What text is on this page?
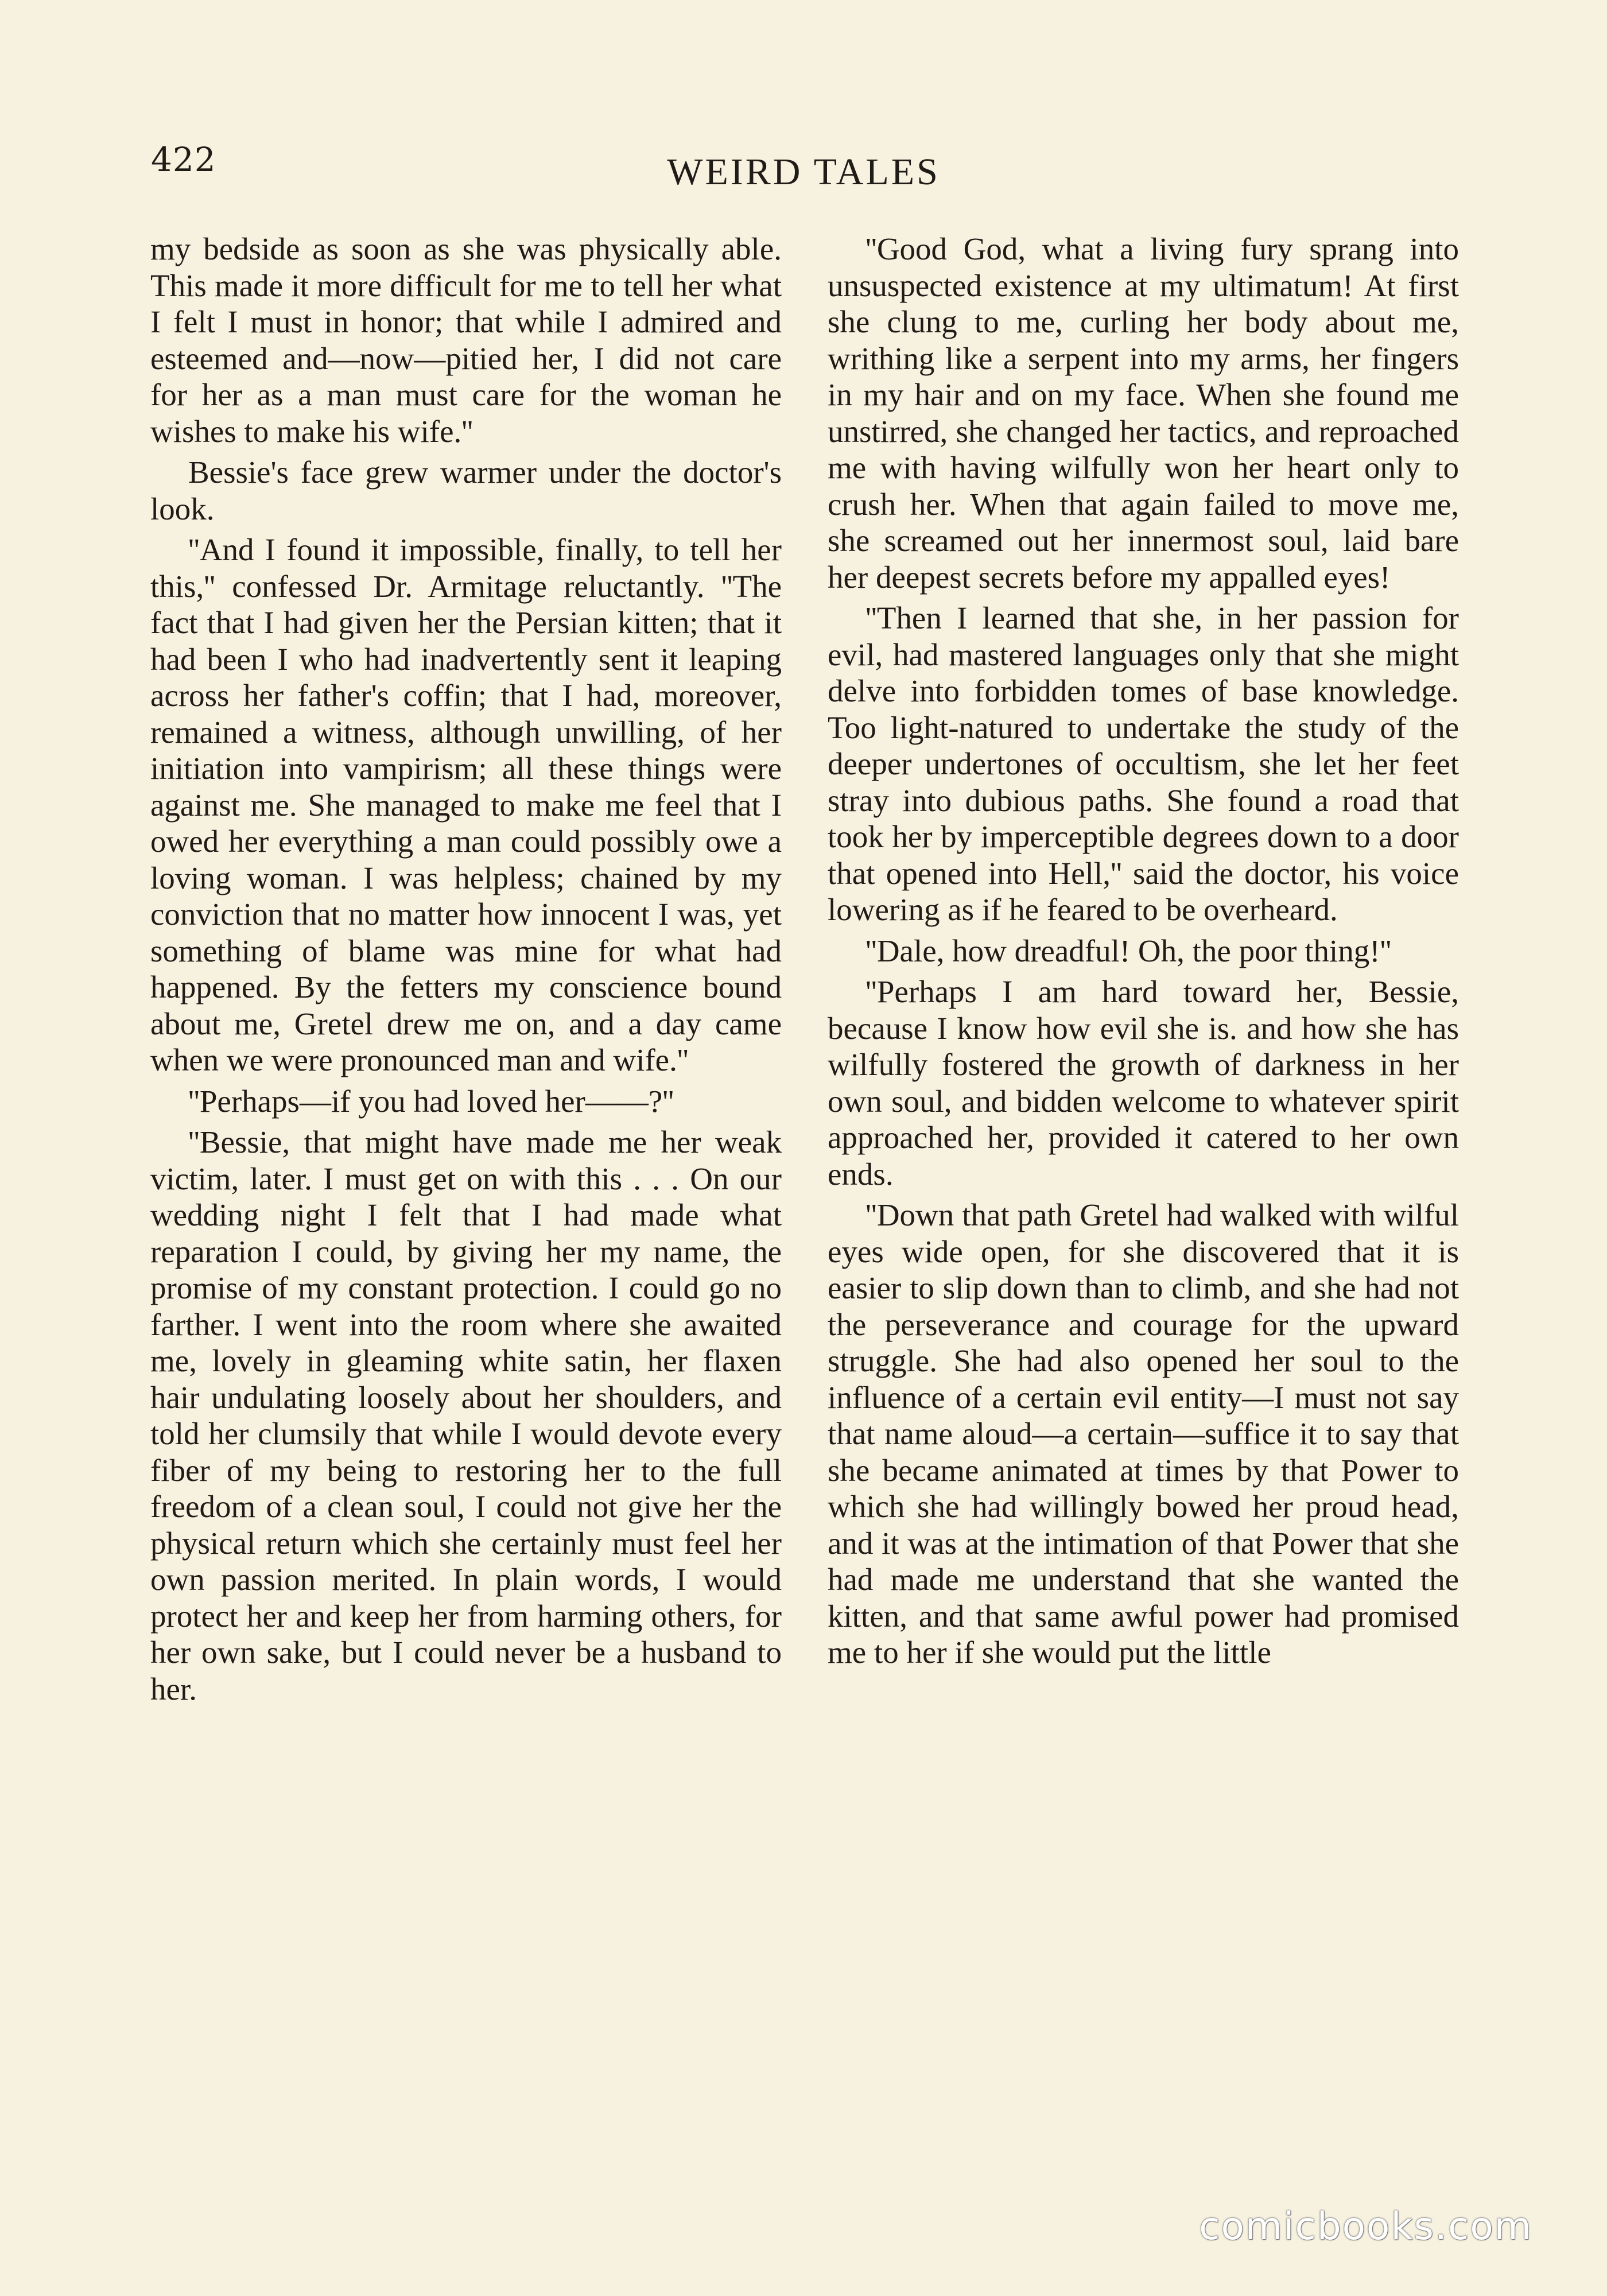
422	WEIRD TALES

my bedside as soon as she was physically able. This made it more difficult for me to tell her what I felt I must in honor; that while I admired and esteemed and—now—pitied her, I did not care for her as a man must care for the woman he wishes to make his wife.''

Bessie's face grew warmer under the doctor's look.

''And I found it impossible, finally, to tell her this,'' confessed Dr. Armitage reluctantly. ''The fact that I had given her the Persian kitten; that it had been I who had inadvertently sent it leaping across her father's coffin; that I had, moreover, remained a witness, although unwilling, of her initiation into vampirism; all these things were against me. She managed to make me feel that I owed her everything a man could possibly owe a loving woman. I was helpless; chained by my conviction that no matter how innocent I was, yet something of blame was mine for what had happened. By the fetters my conscience bound about me, Gretel drew me on, and a day came when we were pronounced man and wife.''

''Perhaps—if you had loved her——?''

''Bessie, that might have made me her weak victim, later. I must get on with this . . . On our wedding night I felt that I had made what reparation I could, by giving her my name, the promise of my constant protection. I could go no farther. I went into the room where she awaited me, lovely in gleaming white satin, her flaxen hair undulating loosely about her shoulders, and told her clumsily that while I would devote every fiber of my being to restoring her to the full freedom of a clean soul, I could not give her the physical return which she certainly must feel her own passion merited. In plain words, I would protect her and keep her from harming others, for her own sake, but I could never be a husband to her.

''Good God, what a living fury sprang into unsuspected existence at my ultimatum! At first she clung to me, curling her body about me, writhing like a serpent into my arms, her fingers in my hair and on my face. When she found me unstirred, she changed her tactics, and reproached me with having wilfully won her heart only to crush her. When that again failed to move me, she screamed out her innermost soul, laid bare her deepest secrets before my appalled eyes!

''Then I learned that she, in her passion for evil, had mastered languages only that she might delve into forbidden tomes of base knowledge. Too light-natured to undertake the study of the deeper undertones of occultism, she let her feet stray into dubious paths. She found a road that took her by imperceptible degrees down to a door that opened into Hell,'' said the doctor, his voice lowering as if he feared to be overheard.

''Dale, how dreadful! Oh, the poor thing!''

''Perhaps I am hard toward her, Bessie, because I know how evil she is. and how she has wilfully fostered the growth of darkness in her own soul, and bidden welcome to whatever spirit approached her, provided it catered to her own ends.

''Down that path Gretel had walked with wilful eyes wide open, for she discovered that it is easier to slip down than to climb, and she had not the perseverance and courage for the upward struggle. She had also opened her soul to the influence of a certain evil entity—I must not say that name aloud—a certain—suffice it to say that she became animated at times by that Power to which she had willingly bowed her proud head, and it was at the intimation of that Power that she had made me understand that she wanted the kitten, and that same awful power had promised me to her if she would put the little

comicbooks.com
